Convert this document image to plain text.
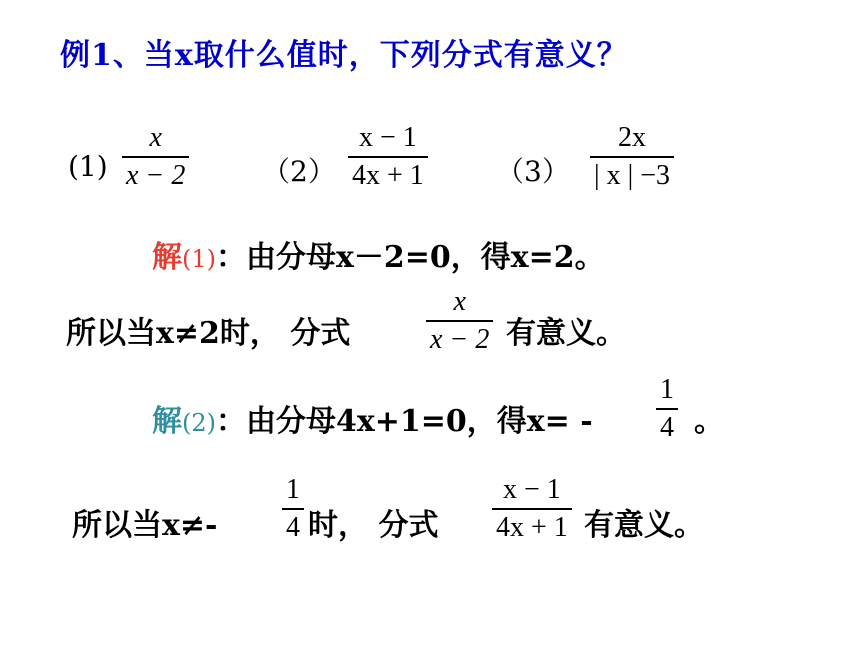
例1、当x取什么值时，下列分式有意义？
(1)
x
x − 2	（2）
x − 1
4x + 1	（3）
2x
| x | −3
解(1)：由分母x－2=0，得x=2。
所以当x≠2时， 分式
x
x − 2 有意义。
解(2)：由分母4x+1=0，得x= -
1
4 。
所以当x≠-
1
4 时， 分式
x − 1
4x + 1 有意义。
